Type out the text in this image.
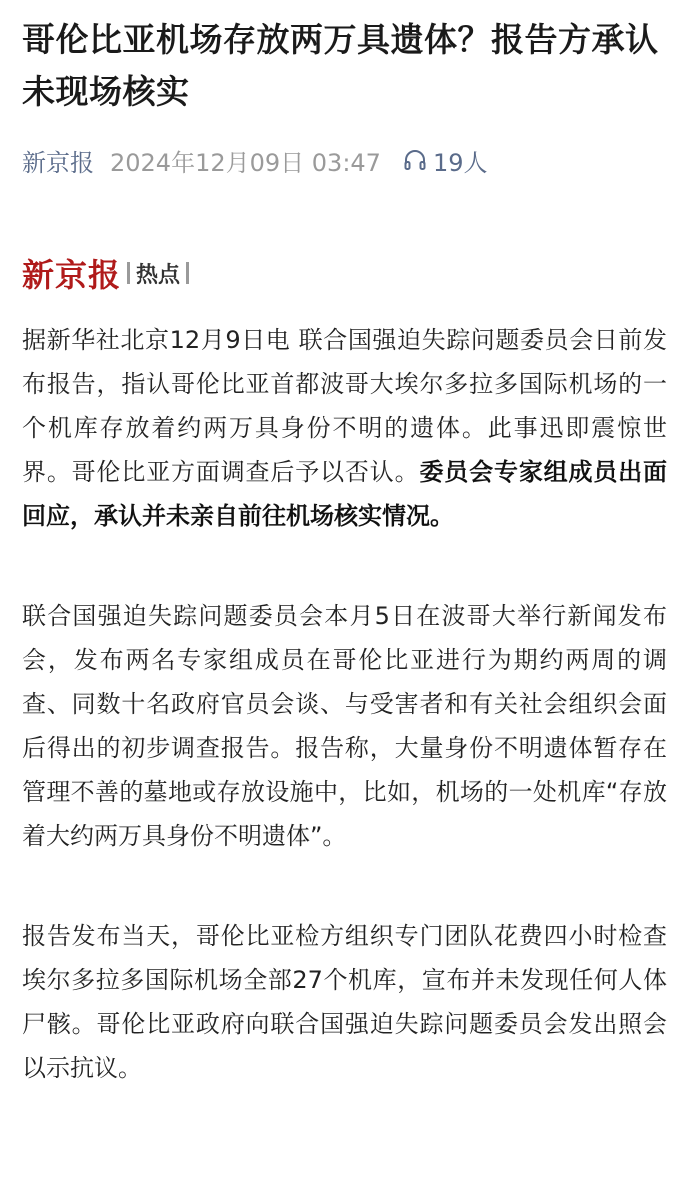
哥伦比亚机场存放两万具遗体？报告方承认未现场核实
新京报 2024年12月09日 03:47 19人
新京报 热点

据新华社北京12月9日电 联合国强迫失踪问题委员会日前发布报告，指认哥伦比亚首都波哥大埃尔多拉多国际机场的一个机库存放着约两万具身份不明的遗体。此事迅即震惊世界。哥伦比亚方面调查后予以否认。委员会专家组成员出面回应，承认并未亲自前往机场核实情况。

联合国强迫失踪问题委员会本月5日在波哥大举行新闻发布会，发布两名专家组成员在哥伦比亚进行为期约两周的调查、同数十名政府官员会谈、与受害者和有关社会组织会面后得出的初步调查报告。报告称，大量身份不明遗体暂存在管理不善的墓地或存放设施中，比如，机场的一处机库“存放着大约两万具身份不明遗体”。

报告发布当天，哥伦比亚检方组织专门团队花费四小时检查埃尔多拉多国际机场全部27个机库，宣布并未发现任何人体尸骸。哥伦比亚政府向联合国强迫失踪问题委员会发出照会以示抗议。
